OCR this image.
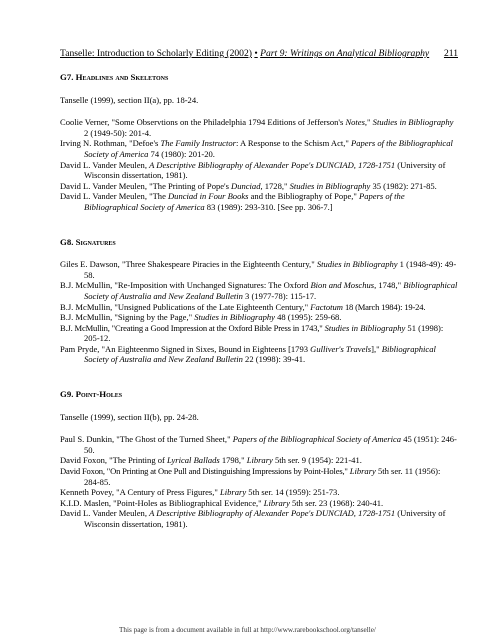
Tanselle: Introduction to Scholarly Editing (2002) • Part 9: Writings on Analytical Bibliography 211
G7. Headlines and Skeletons

Tanselle (1999), section II(a), pp. 18-24.

Coolie Verner, "Some Observtions on the Philadelphia 1794 Editions of Jefferson's Notes," Studies in Bibliography 2 (1949-50): 201-4.

Irving N. Rothman, "Defoe's The Family Instructor: A Response to the Schism Act," Papers of the Bibliographical Society of America 74 (1980): 201-20.

David L. Vander Meulen, A Descriptive Bibliography of Alexander Pope's DUNCIAD, 1728-1751 (University of Wisconsin dissertation, 1981).

David L. Vander Meulen, "The Printing of Pope's Dunciad, 1728," Studies in Bibliography 35 (1982): 271-85.

David L. Vander Meulen, "The Dunciad in Four Books and the Bibliography of Pope," Papers of the Bibliographical Society of America 83 (1989): 293-310. [See pp. 306-7.]

G8. Signatures

Giles E. Dawson, "Three Shakespeare Piracies in the Eighteenth Century," Studies in Bibliography 1 (1948-49): 49-58.

B.J. McMullin, "Re-Imposition with Unchanged Signatures: The Oxford Bion and Moschus, 1748," Bibliographical Society of Australia and New Zealand Bulletin 3 (1977-78): 115-17.

B.J. McMullin, "Unsigned Publications of the Late Eighteenth Century," Factotum 18 (March 1984): 19-24.

B.J. McMullin, "Signing by the Page," Studies in Bibliography 48 (1995): 259-68.

B.J. McMullin, "Creating a Good Impression at the Oxford Bible Press in 1743," Studies in Bibliography 51 (1998): 205-12.

Pam Pryde, "An Eighteenmo Signed in Sixes, Bound in Eighteens [1793 Gulliver's Travels]," Bibliographical Society of Australia and New Zealand Bulletin 22 (1998): 39-41.

G9. Point-Holes

Tanselle (1999), section II(b), pp. 24-28.

Paul S. Dunkin, "The Ghost of the Turned Sheet," Papers of the Bibliographical Society of America 45 (1951): 246-50.

David Foxon, "The Printing of Lyrical Ballads 1798," Library 5th ser. 9 (1954): 221-41.

David Foxon, "On Printing at One Pull and Distinguishing Impressions by Point-Holes," Library 5th ser. 11 (1956): 284-85.

Kenneth Povey, "A Century of Press Figures," Library 5th ser. 14 (1959): 251-73.

K.I.D. Maslen, "Point-Holes as Bibliographical Evidence," Library 5th ser. 23 (1968): 240-41.

David L. Vander Meulen, A Descriptive Bibliography of Alexander Pope's DUNCIAD, 1728-1751 (University of Wisconsin dissertation, 1981).

This page is from a document available in full at http://www.rarebookschool.org/tanselle/
